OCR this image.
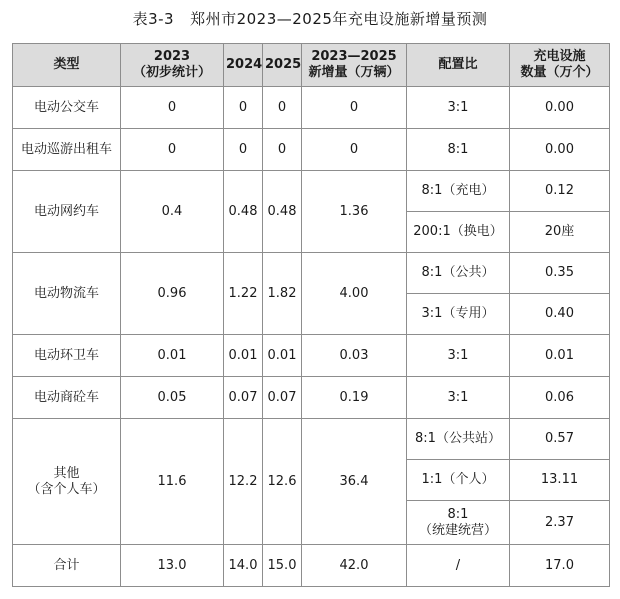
表3-3 郑州市2023—2025年充电设施新增量预测
类型	2023
（初步统计）	2024	2025	2023—2025
新增量（万辆）	配置比	充电设施
数量（万个）
电动公交车	0	0	0	0	3:1	0.00
电动巡游出租车	0	0	0	0	8:1	0.00
电动网约车	0.4	0.48	0.48	1.36	8:1（充电）	0.12
					200:1（换电）	20座
电动物流车	0.96	1.22	1.82	4.00	8:1（公共）	0.35
					3:1（专用）	0.40
电动环卫车	0.01	0.01	0.01	0.03	3:1	0.01
电动商砼车	0.05	0.07	0.07	0.19	3:1	0.06
其他
（含个人车）	11.6	12.2	12.6	36.4	8:1（公共站）	0.57
					1:1（个人）	13.11
					8:1
（统建统营）	2.37
合计	13.0	14.0	15.0	42.0	/	17.0
